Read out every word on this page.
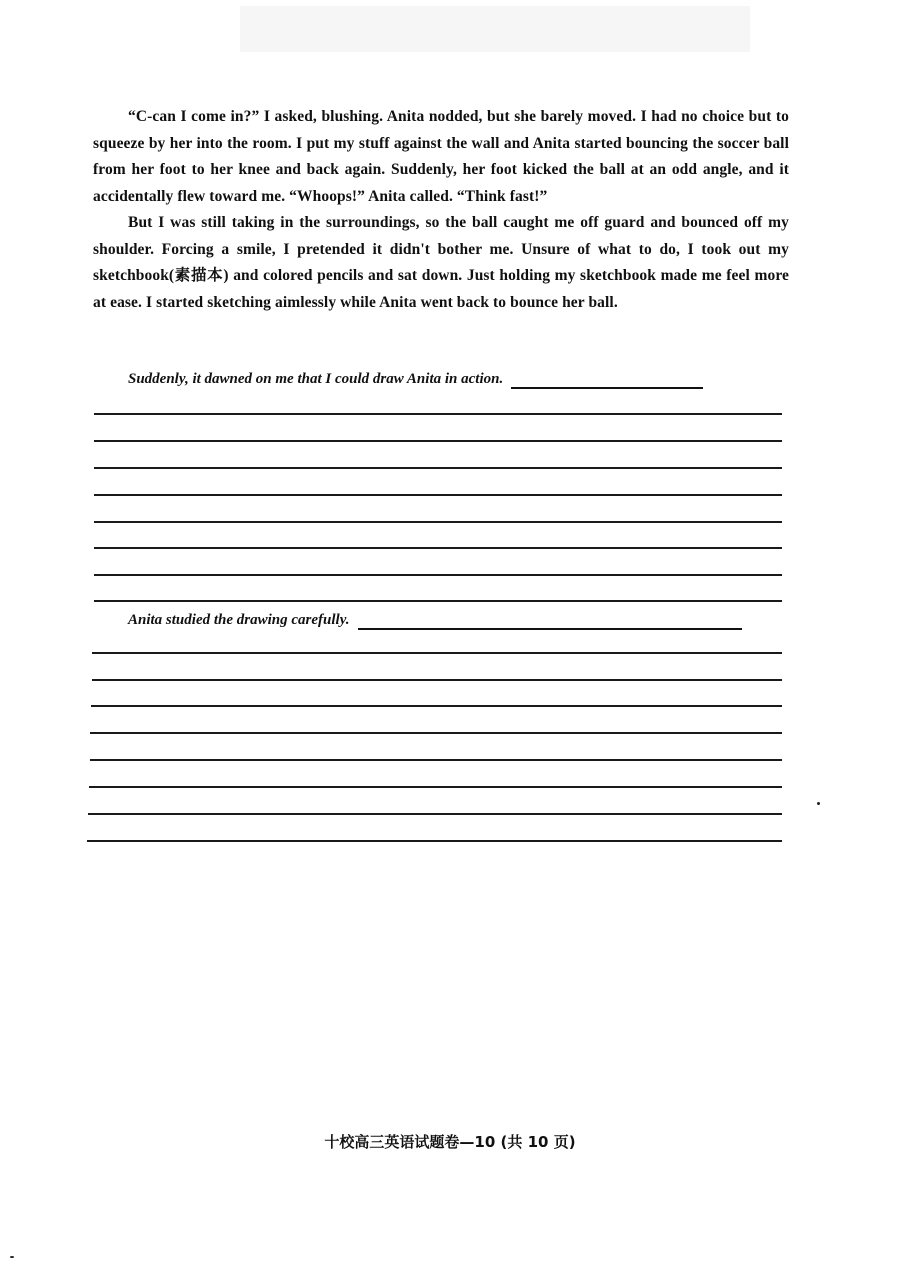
“C-can I come in?” I asked, blushing. Anita nodded, but she barely moved. I had no choice but to squeeze by her into the room. I put my stuff against the wall and Anita started bouncing the soccer ball from her foot to her knee and back again. Suddenly, her foot kicked the ball at an odd angle, and it accidentally flew toward me. “Whoops!” Anita called. “Think fast!”

But I was still taking in the surroundings, so the ball caught me off guard and bounced off my shoulder. Forcing a smile, I pretended it didn't bother me. Unsure of what to do, I took out my sketchbook(素描本) and colored pencils and sat down. Just holding my sketchbook made me feel more at ease. I started sketching aimlessly while Anita went back to bounce her ball.

Suddenly, it dawned on me that I could draw Anita in action.
Anita studied the drawing carefully.
十校高三英语试题卷—10 (共 10 页)
